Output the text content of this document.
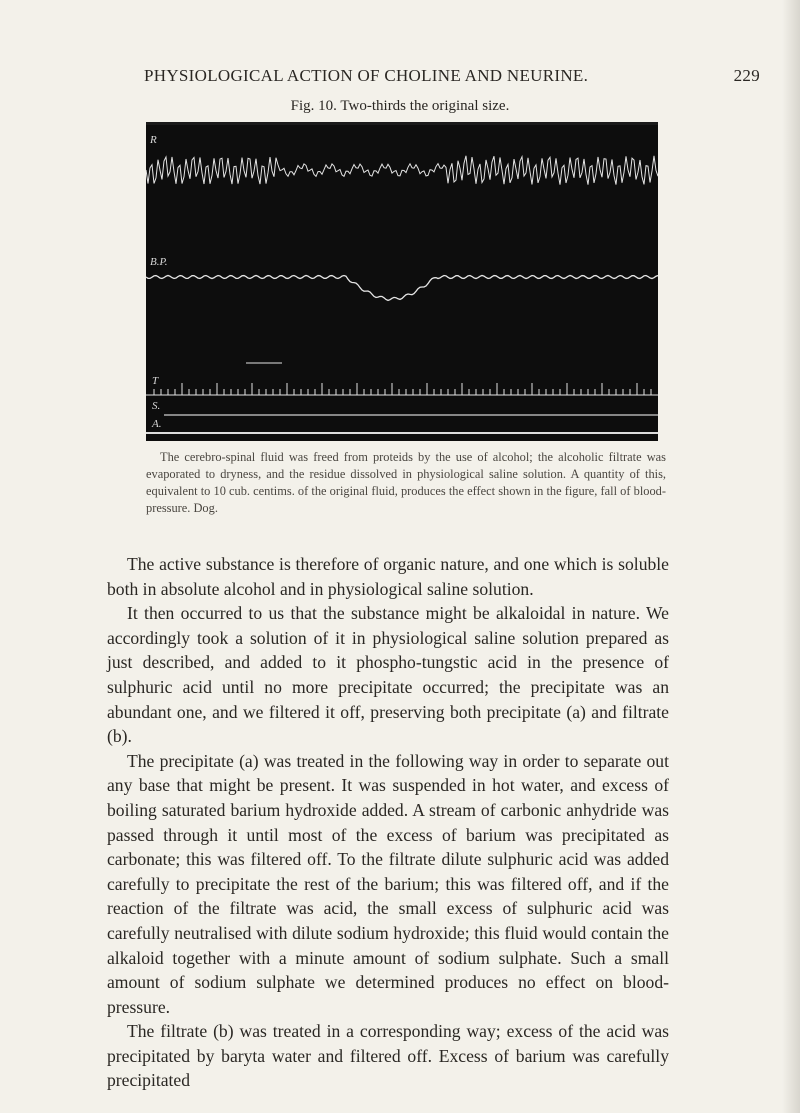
PHYSIOLOGICAL ACTION OF CHOLINE AND NEURINE.	229
Fig. 10. Two-thirds the original size.
R
B.P.
T
S.
A.
The cerebro-spinal fluid was freed from proteids by the use of alcohol; the alcoholic filtrate was evaporated to dryness, and the residue dissolved in physiological saline solution. A quantity of this, equivalent to 10 cub. centims. of the original fluid, produces the effect shown in the figure, fall of blood-pressure. Dog.

The active substance is therefore of organic nature, and one which is soluble both in absolute alcohol and in physiological saline solution.

It then occurred to us that the substance might be alkaloidal in nature. We accordingly took a solution of it in physiological saline solution prepared as just described, and added to it phospho-tungstic acid in the presence of sulphuric acid until no more precipitate occurred; the precipitate was an abundant one, and we filtered it off, preserving both precipitate (a) and filtrate (b).

The precipitate (a) was treated in the following way in order to separate out any base that might be present. It was suspended in hot water, and excess of boiling saturated barium hydroxide added. A stream of carbonic anhydride was passed through it until most of the excess of barium was precipitated as carbonate; this was filtered off. To the filtrate dilute sulphuric acid was added carefully to precipitate the rest of the barium; this was filtered off, and if the reaction of the filtrate was acid, the small excess of sulphuric acid was carefully neutralised with dilute sodium hydroxide; this fluid would contain the alkaloid together with a minute amount of sodium sulphate. Such a small amount of sodium sulphate we determined produces no effect on blood-pressure.

The filtrate (b) was treated in a corresponding way; excess of the acid was precipitated by baryta water and filtered off. Excess of barium was carefully precipitated
